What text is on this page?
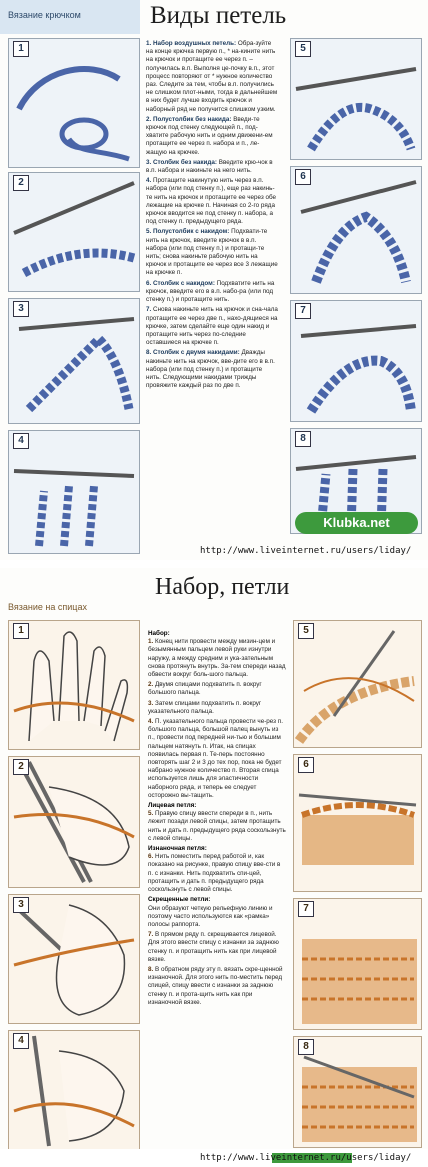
Вязание крючком	Виды петель
1
2
3
4
5
6
7
8

1. Набор воздушных петель: Обра-зуйте на конце крючка первую п., * на-кините нить на крючок и протащите ее через п. – получилась в.п. Выполня це-почку в.п., этот процесс повторяют от * нужное количество раз. Следите за тем, чтобы в.п. получились не слишком плот-ными, тогда в дальнейшем в них будет лучше входить крючок и наборный ряд не получится слишком узким.

2. Полустолбик без накида: Введи-те крючок под стенку следующей п., под-хватите рабочую нить и одним движени-ем протащите ее через п. набора и п., ле-жащую на крючке.

3. Столбик без накида: Введите крю-чок в в.п. набора и накиньте на него нить.

4. Протащите накинутую нить через в.п. набора (или под стенку п.), еще раз накинь-те нить на крючок и протащите ее через обе лежащие на крючке п. Начиная со 2-го ряда крючок вводится не под стенку п. набора, а под стенку п. предыдущего ряда.

5. Полустолбик с накидом: Подхвати-те нить на крючок, введите крючок в в.п. набора (или под стенку п.) и протащи-те нить; снова накиньте рабочую нить на крючок и протащите ее через все 3 лежащие на крючке п.

6. Столбик с накидом: Подхватите нить на крючок, введите его в в.п. набо-ра (или под стенку п.) и протащите нить.

7. Снова накиньте нить на крючок и сна-чала протащите ее через две п., нахо-дящиеся на крючке, затем сделайте еще один накид и протащите нить через по-следние оставшиеся на крючке п.

8. Столбик с двумя накидами: Дважды накиньте нить на крючок, вве-дите его в в.п. набора (или под стенку п.) и протащите нить. Следующими накидами трижды провяжите каждый раз по две п.

Klubka.net
http://www.liveinternet.ru/users/liday/
Набор, петли
Вязание на спицах
1
2
3
4
5
6
7
8
Набор:

1. Конец нити провести между мизин-цем и безымянным пальцем левой руки изнутри наружу, а между средним и ука-зательным снова протянуть внутрь. За-тем спереди назад обвести вокруг боль-шого пальца.

2. Двумя спицами подхватить п. вокруг большого пальца.

3. Затем спицами подхватить п. вокруг указательного пальца.

4. П. указательного пальца провести че-рез п. большого пальца, большой палец вынуть из п., провести под передней ни-тью и большим пальцем натянуть п. Итак, на спицах появилась первая п. Те-перь постоянно повторять шаг 2 и 3 до тех пор, пока не будет набрано нужное количество п. Вторая спица используется лишь для эластичности наборного ряда, и теперь ее следует осторожно вы-тащить.

Лицевая петля:

5. Правую спицу ввести спереди в п., нить лежит позади левой спицы, затем протащить нить и дать п. предыдущего ряда соскользнуть с левой спицы.

Изнаночная петля:

6. Нить поместить перед работой и, как показано на рисунке, правую спицу вве-сти в п. с изнанки. Нить подхватить спи-цей, протащить и дать п. предыдущего ряда соскользнуть с левой спицы.

Скрещенные петли:

Они образуют четкую рельефную линию и поэтому часто используются как «рамка» полосы раппорта.

7. В прямом ряду п. скрещивается лицевой. Для этого ввести спицу с изнанки за заднюю стенку п. и протащить нить как при лицевой вязке.

8. В обратном ряду эту п. вязать скре-щенной изнаночной. Для этого нить по-местить перед спицей, спицу ввести с изнанки за заднюю стенку п. и прота-щить нить как при изнаночной вязке.

http://www.liveinternet.ru/users/liday/
